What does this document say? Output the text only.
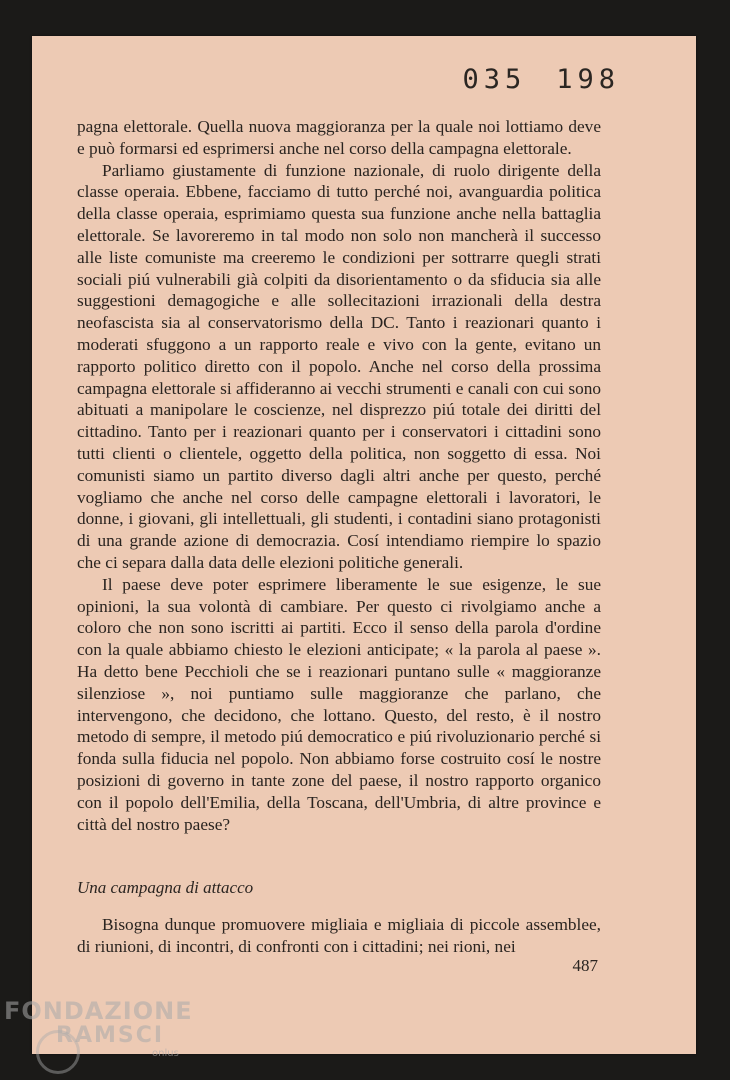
035 198

pagna elettorale. Quella nuova maggioranza per la quale noi lottiamo deve e può formarsi ed esprimersi anche nel corso della campagna elettorale.

Parliamo giustamente di funzione nazionale, di ruolo dirigente della classe operaia. Ebbene, facciamo di tutto perché noi, avanguardia politica della classe operaia, esprimiamo questa sua funzione anche nella battaglia elettorale. Se lavoreremo in tal modo non solo non mancherà il successo alle liste comuniste ma creeremo le condizioni per sottrarre quegli strati sociali piú vulnerabili già colpiti da disorientamento o da sfiducia sia alle suggestioni demagogiche e alle sollecitazioni irrazionali della destra neofascista sia al conservatorismo della DC. Tanto i reazionari quanto i moderati sfuggono a un rapporto reale e vivo con la gente, evitano un rapporto politico diretto con il popolo. Anche nel corso della prossima campagna elettorale si affideranno ai vecchi strumenti e canali con cui sono abituati a manipolare le coscienze, nel disprezzo piú totale dei diritti del cittadino. Tanto per i reazionari quanto per i conservatori i cittadini sono tutti clienti o clientele, oggetto della politica, non soggetto di essa. Noi comunisti siamo un partito diverso dagli altri anche per questo, perché vogliamo che anche nel corso delle campagne elettorali i lavoratori, le donne, i giovani, gli intellettuali, gli studenti, i contadini siano protagonisti di una grande azione di democrazia. Cosí intendiamo riempire lo spazio che ci separa dalla data delle elezioni politiche generali.

Il paese deve poter esprimere liberamente le sue esigenze, le sue opinioni, la sua volontà di cambiare. Per questo ci rivolgiamo anche a coloro che non sono iscritti ai partiti. Ecco il senso della parola d'ordine con la quale abbiamo chiesto le elezioni anticipate; « la parola al paese ». Ha detto bene Pecchioli che se i reazionari puntano sulle « maggioranze silenziose », noi puntiamo sulle maggioranze che parlano, che intervengono, che decidono, che lottano. Questo, del resto, è il nostro metodo di sempre, il metodo piú democratico e piú rivoluzionario perché si fonda sulla fiducia nel popolo. Non abbiamo forse costruito cosí le nostre posizioni di governo in tante zone del paese, il nostro rapporto organico con il popolo dell'Emilia, della Toscana, dell'Umbria, di altre province e città del nostro paese?

Una campagna di attacco

Bisogna dunque promuovere migliaia e migliaia di piccole assemblee, di riunioni, di incontri, di confronti con i cittadini; nei rioni, nei

487
FONDAZIONE
RAMSCI
onlus
